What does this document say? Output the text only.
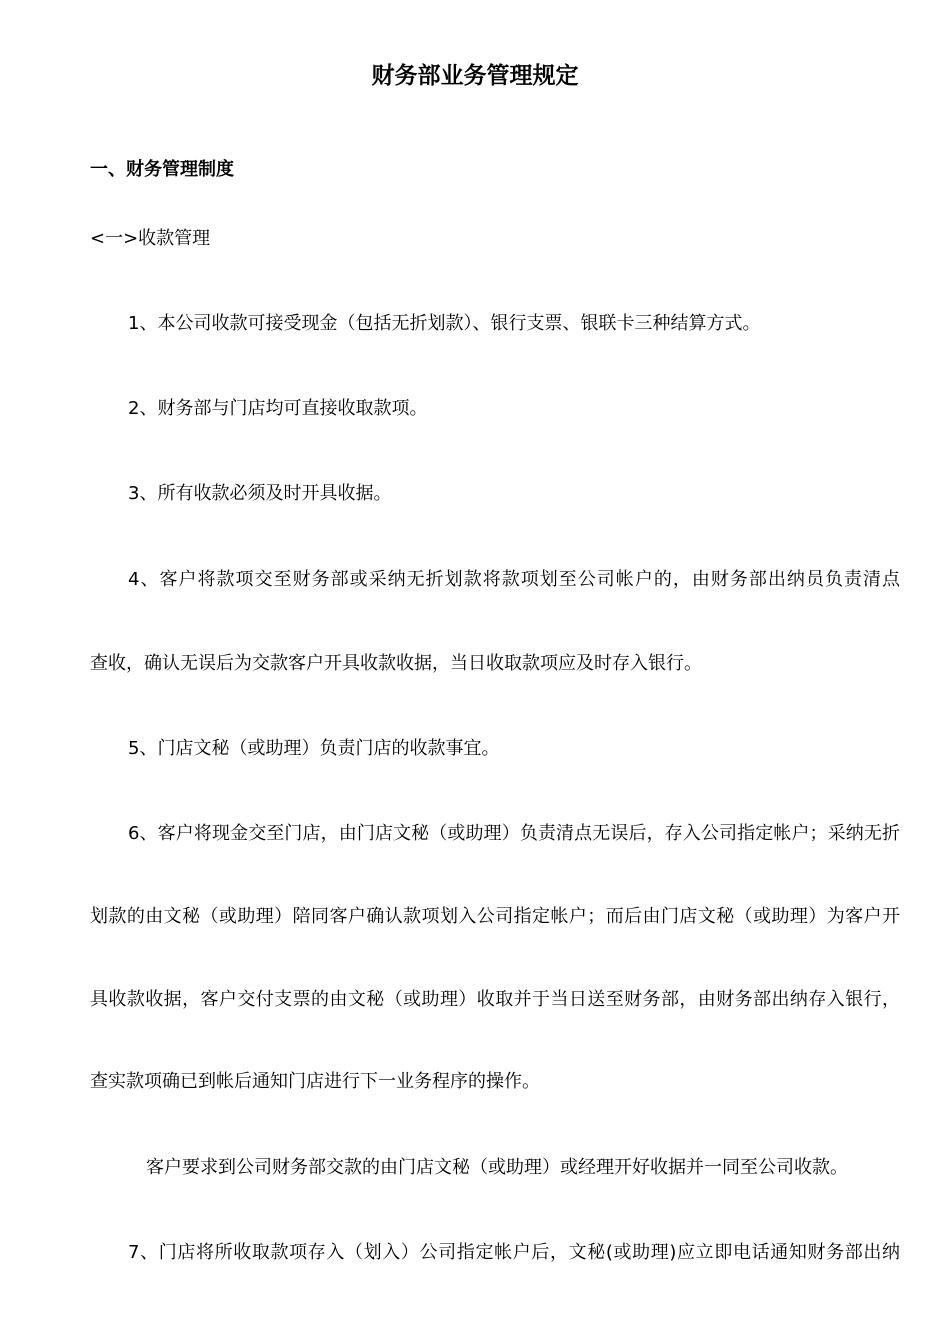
财务部业务管理规定
一、财务管理制度
<一>收款管理
1、本公司收款可接受现金（包括无折划款）、银行支票、银联卡三种结算方式。
2、财务部与门店均可直接收取款项。
3、所有收款必须及时开具收据。
4、客户将款项交至财务部或采纳无折划款将款项划至公司帐户的，由财务部出纳员负责清点
查收，确认无误后为交款客户开具收款收据，当日收取款项应及时存入银行。
5、门店文秘（或助理）负责门店的收款事宜。
6、客户将现金交至门店，由门店文秘（或助理）负责清点无误后，存入公司指定帐户；采纳无折
划款的由文秘（或助理）陪同客户确认款项划入公司指定帐户；而后由门店文秘（或助理）为客户开
具收款收据，客户交付支票的由文秘（或助理）收取并于当日送至财务部，由财务部出纳存入银行，
查实款项确已到帐后通知门店进行下一业务程序的操作。
客户要求到公司财务部交款的由门店文秘（或助理）或经理开好收据并一同至公司收款。
7、门店将所收取款项存入（划入）公司指定帐户后，文秘(或助理)应立即电话通知财务部出纳
